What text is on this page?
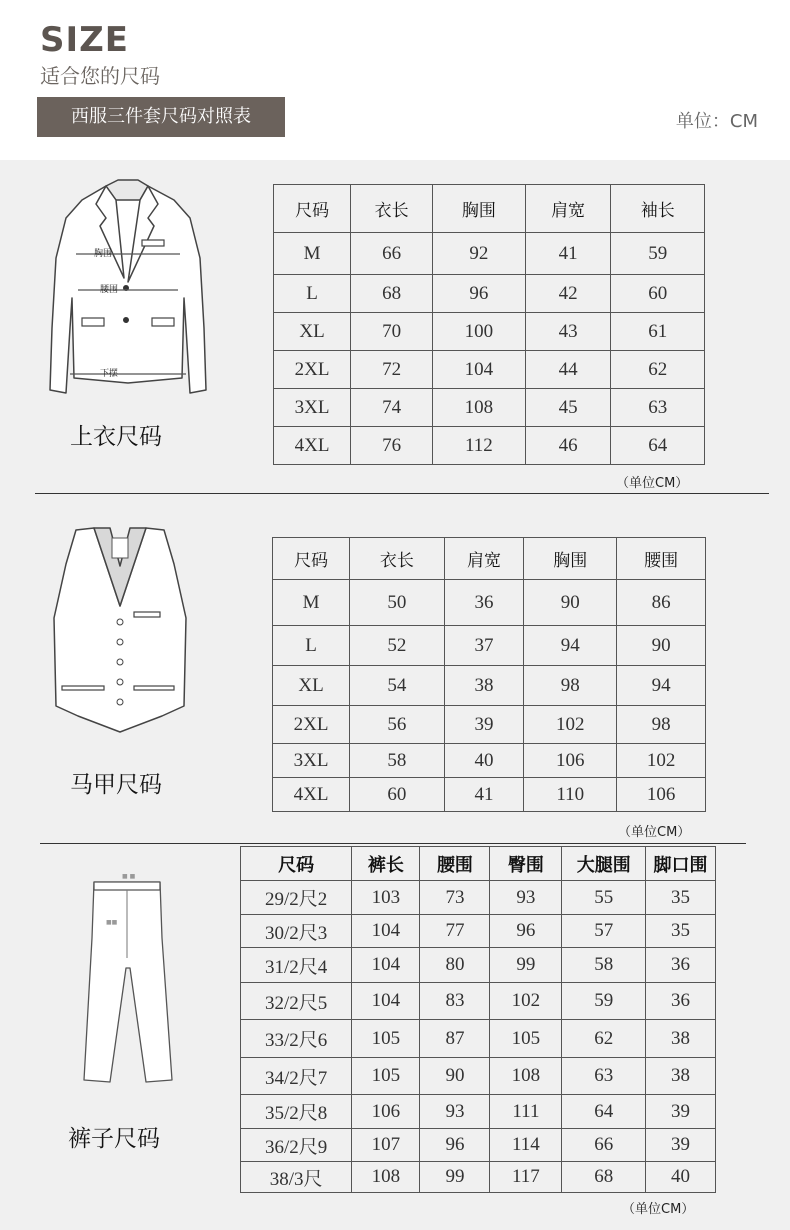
SIZE
适合您的尺码
西服三件套尺码对照表	单位：CM
胸围
腰围
下摆
上衣尺码
尺码	衣长	胸围	肩宽	袖长
M	66	92	41	59
L	68	96	42	60
XL	70	100	43	61
2XL	72	104	44	62
3XL	74	108	45	63
4XL	76	112	46	64
（单位CM）
马甲尺码
尺码	衣长	肩宽	胸围	腰围
M	50	36	90	86
L	52	37	94	90
XL	54	38	98	94
2XL	56	39	102	98
3XL	58	40	106	102
4XL	60	41	110	106
（单位CM）
■ ■
■■
裤子尺码
尺码	裤长	腰围	臀围	大腿围	脚口围
29/2尺2	103	73	93	55	35
30/2尺3	104	77	96	57	35
31/2尺4	104	80	99	58	36
32/2尺5	104	83	102	59	36
33/2尺6	105	87	105	62	38
34/2尺7	105	90	108	63	38
35/2尺8	106	93	111	64	39
36/2尺9	107	96	114	66	39
38/3尺	108	99	117	68	40
（单位CM）
